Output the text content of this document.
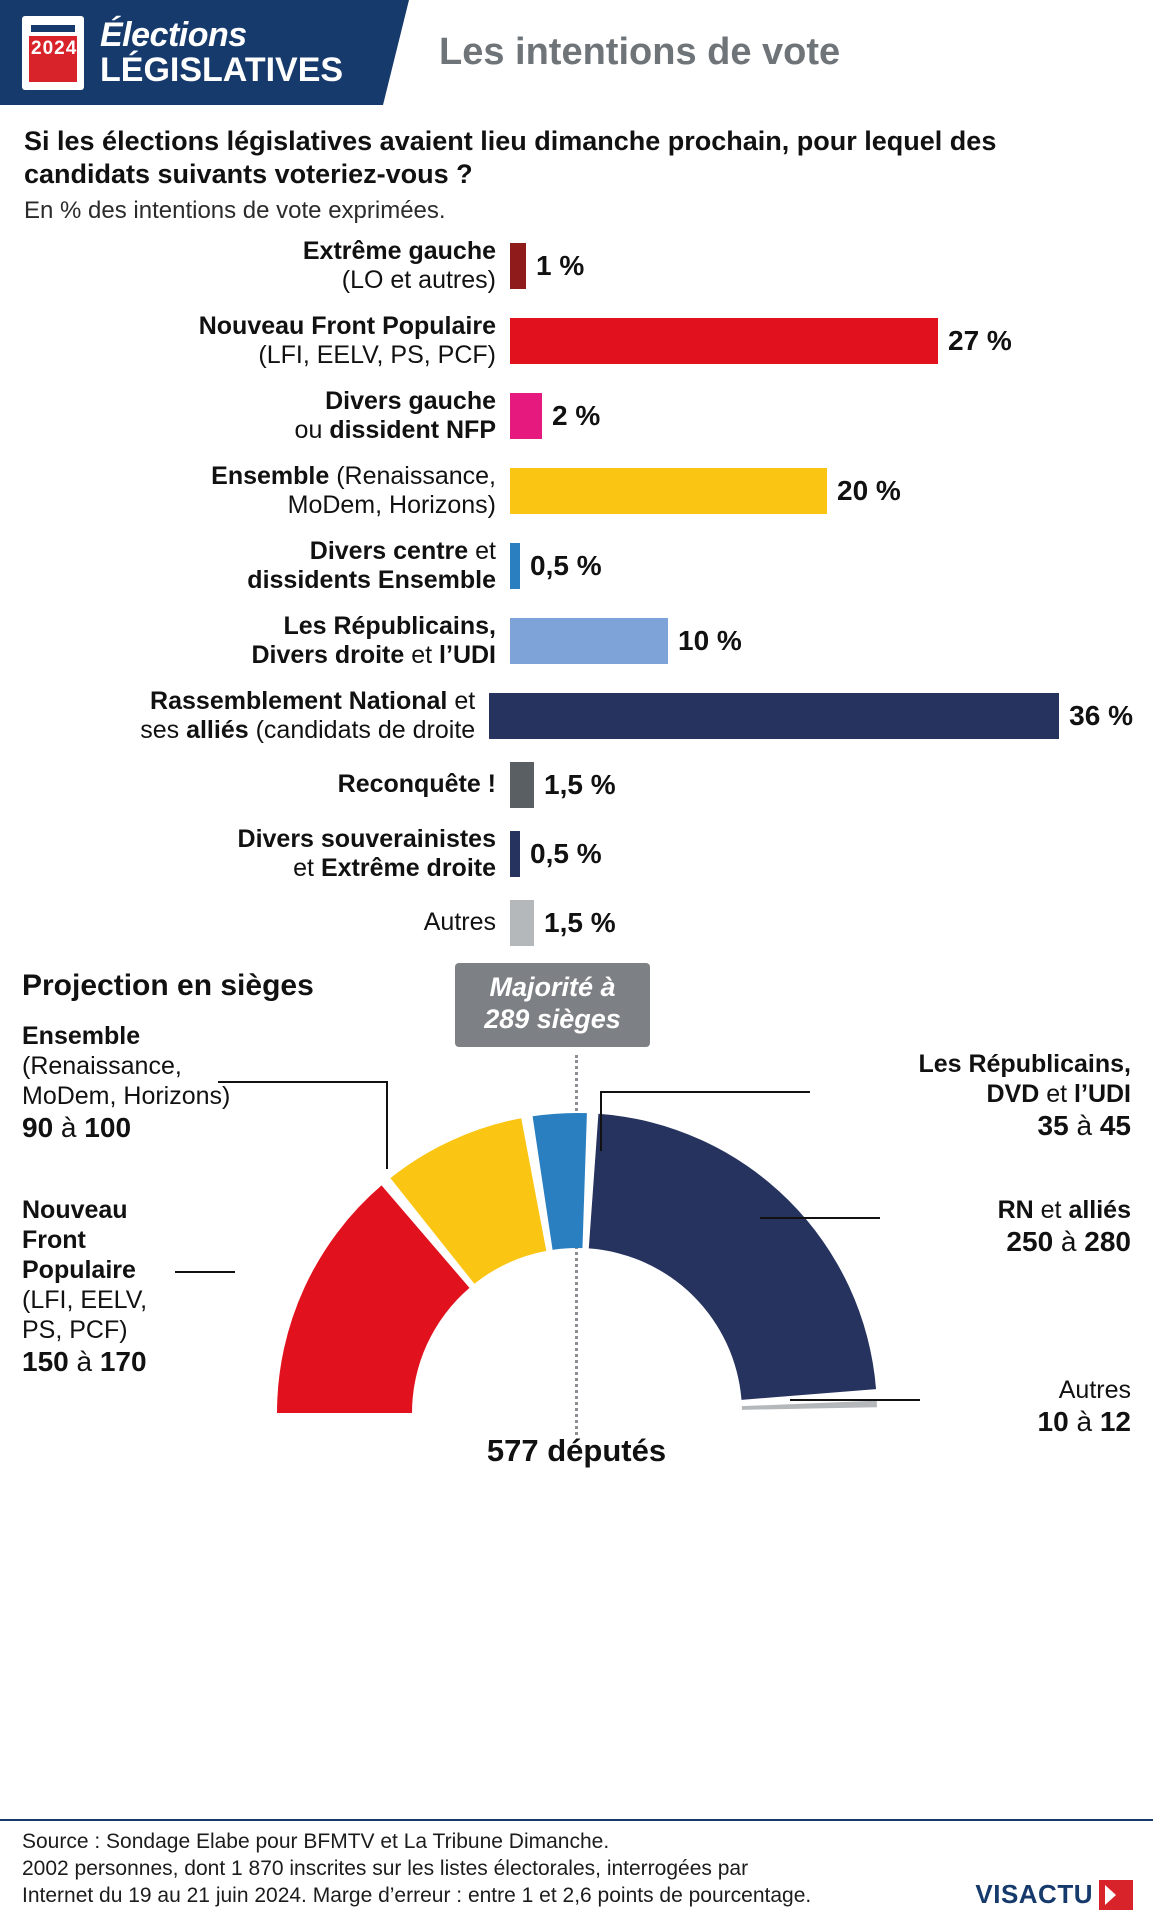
2024 Élections
LÉGISLATIVES	Les intentions de vote
Si les élections législatives avaient lieu dimanche prochain, pour lequel des candidats suivants voteriez-vous ?
En % des intentions de vote exprimées.
Extrême gauche
(LO et autres)	1 %
Nouveau Front Populaire
(LFI, EELV, PS, PCF)	27 %
Divers gauche
ou dissident NFP	2 %
Ensemble (Renaissance,
MoDem, Horizons)	20 %
Divers centre et
dissidents Ensemble	0,5 %
Les Républicains,
Divers droite et l’UDI	10 %
Rassemblement National et
ses alliés (candidats de droite	36 %
Reconquête !	1,5 %
Divers souverainistes
et Extrême droite	0,5 %
Autres	1,5 %
Projection en sièges	Majorité à
289 sièges
577 députés
Ensemble
(Renaissance,
MoDem, Horizons)
90 à 100
Nouveau
Front
Populaire
(LFI, EELV,
PS, PCF)
150 à 170
Les Républicains,
DVD et l’UDI
35 à 45
RN et alliés
250 à 280
Autres
10 à 12
Source : Sondage Elabe pour BFMTV et La Tribune Dimanche.
2002 personnes, dont 1 870 inscrites sur les listes électorales, interrogées par
Internet du 19 au 21 juin 2024. Marge d’erreur : entre 1 et 2,6 points de pourcentage.	VISACTU
